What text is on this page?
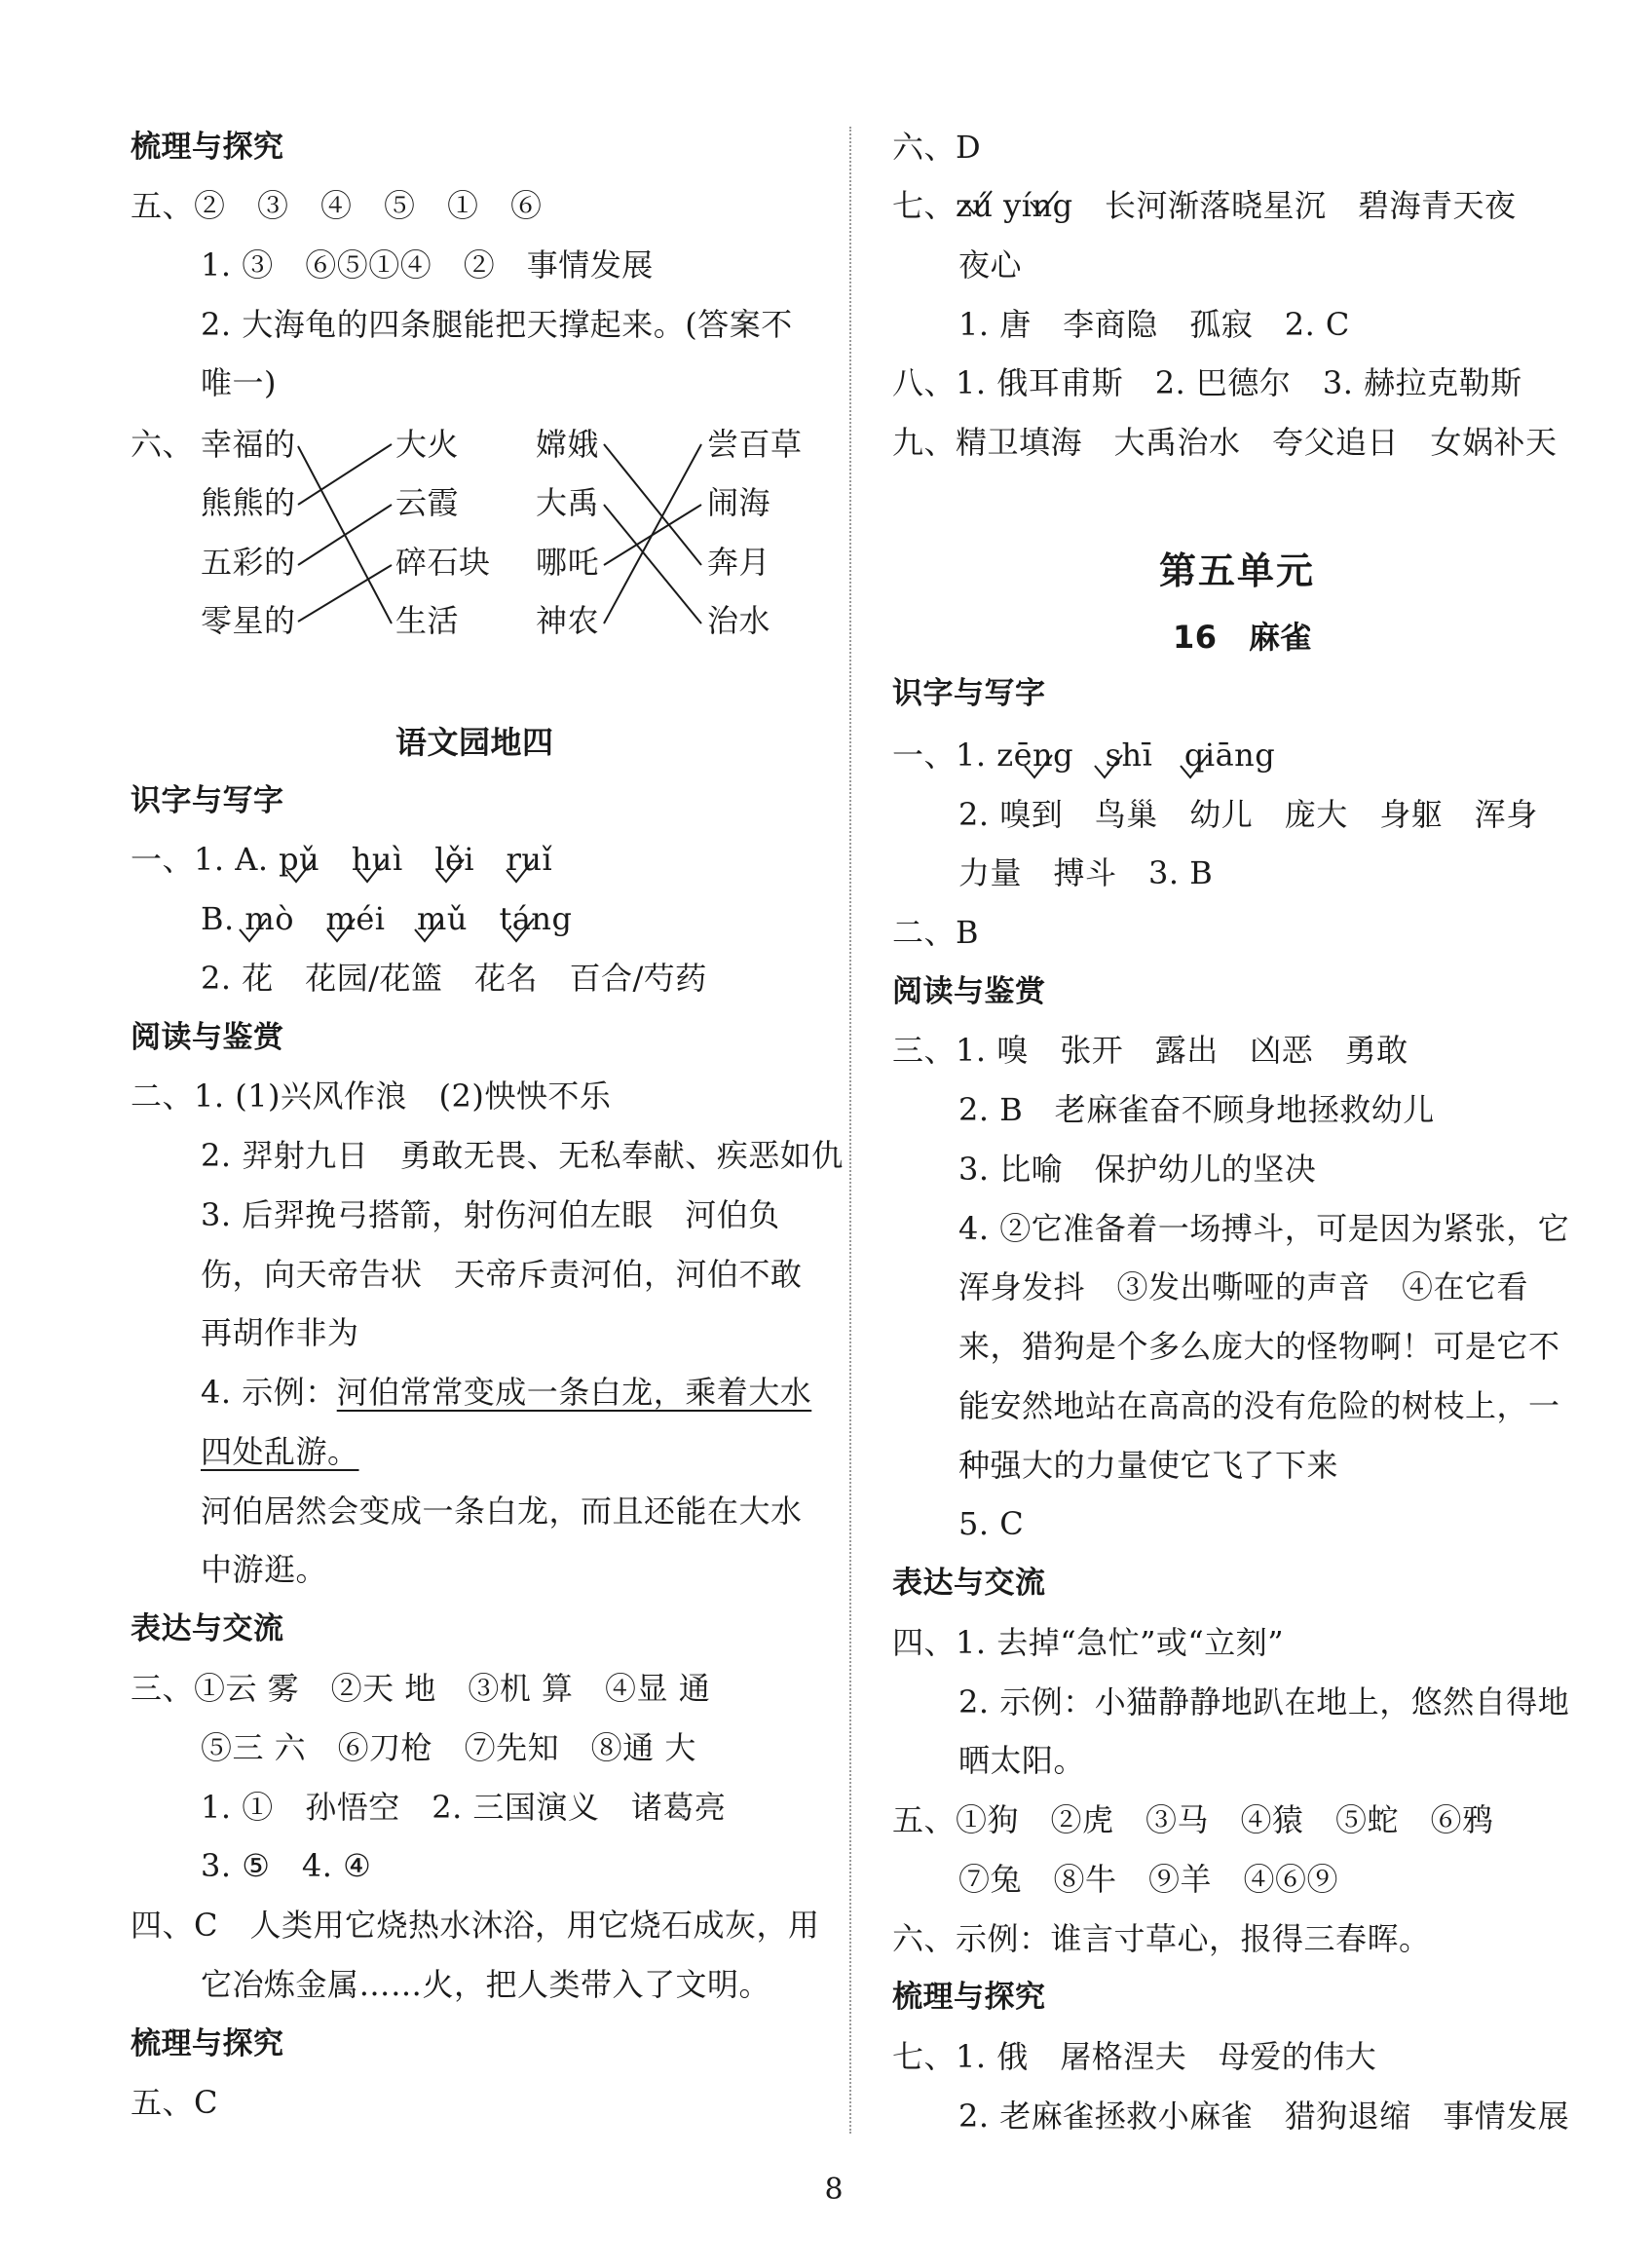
梳理与探究
五、②　③　④　⑤　①　⑥
1. ③　⑥⑤①④　②　事情发展
2. 大海龟的四条腿能把天撑起来。(答案不
唯一)
六、 幸福的
熊熊的
五彩的
零星的
大火
云霞
碎石块
生活
嫦娥
大禹
哪吒
神农
尝百草
闹海
奔月
治水
语文园地四
识字与写字
一、1. A. pǔ　huì　lěi　ruǐ
B. mò　méi　mǔ　táng
2. 花　花园/花篮　花名　百合/芍药
阅读与鉴赏
二、1. (1)兴风作浪　(2)怏怏不乐
2. 羿射九日　勇敢无畏、无私奉献、疾恶如仇
3. 后羿挽弓搭箭，射伤河伯左眼　河伯负
伤，向天帝告状　天帝斥责河伯，河伯不敢
再胡作非为
4. 示例：河伯常常变成一条白龙，乘着大水
四处乱游。
河伯居然会变成一条白龙，而且还能在大水
中游逛。
表达与交流
三、①云 雾　②天 地　③机 算　④显 通
⑤三 六　⑥刀枪　⑦先知　⑧通 大
1. ①　孙悟空　2. 三国演义　诸葛亮
3. ⑤　4. ④
四、C　人类用它烧热水沐浴，用它烧石成灰，用
它冶炼金属……火，把人类带入了文明。
梳理与探究
五、C
六、D
七、zú yíng　长河渐落晓星沉　碧海青天夜
夜心
1. 唐　李商隐　孤寂　2. C
八、1. 俄耳甫斯　2. 巴德尔　3. 赫拉克勒斯
九、精卫填海　大禹治水　夸父追日　女娲补天
第五单元
16　麻雀
识字与写字
一、1. zēng　shī　qiāng
2. 嗅到　鸟巢　幼儿　庞大　身躯　浑身
力量　搏斗　3. B
二、B
阅读与鉴赏
三、1. 嗅　张开　露出　凶恶　勇敢
2. B　老麻雀奋不顾身地拯救幼儿
3. 比喻　保护幼儿的坚决
4. ②它准备着一场搏斗，可是因为紧张，它
浑身发抖　③发出嘶哑的声音　④在它看
来，猎狗是个多么庞大的怪物啊！可是它不
能安然地站在高高的没有危险的树枝上，一
种强大的力量使它飞了下来
5. C
表达与交流
四、1. 去掉“急忙”或“立刻”
2. 示例：小猫静静地趴在地上，悠然自得地
晒太阳。
五、①狗　②虎　③马　④猿　⑤蛇　⑥鸦
⑦兔　⑧牛　⑨羊　④⑥⑨
六、示例：谁言寸草心，报得三春晖。
梳理与探究
七、1. 俄　屠格涅夫　母爱的伟大
2. 老麻雀拯救小麻雀　猎狗退缩　事情发展
8
